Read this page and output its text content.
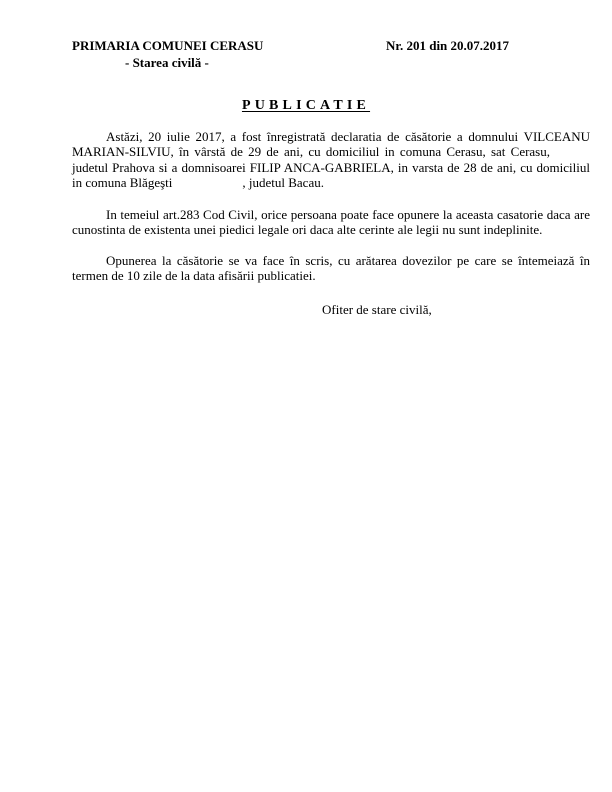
PRIMARIA COMUNEI CERASU
- Starea civilă -
Nr. 201 din 20.07.2017
PUBLICATIE
Astăzi, 20 iulie 2017, a fost înregistrată declaratia de căsătorie a domnului VILCEANU MARIAN-SILVIU, în vârstă de 29 de ani, cu domiciliul in comuna Cerasu, sat Cerasu,judetul Prahova si a domnisoarei FILIP ANCA-GABRIELA, in varsta de 28 de ani, cu domiciliul in comuna Blăgeşti	, judetul Bacau.
In temeiul art.283 Cod Civil, orice persoana poate face opunere la aceasta casatorie daca are cunostinta de existenta unei piedici legale ori daca alte cerinte ale legii nu sunt indeplinite.
Opunerea la căsătorie se va face în scris, cu arătarea dovezilor pe care se întemeiază în termen de 10 zile de la data afisării publicatiei.
Ofiter de stare civilă,
